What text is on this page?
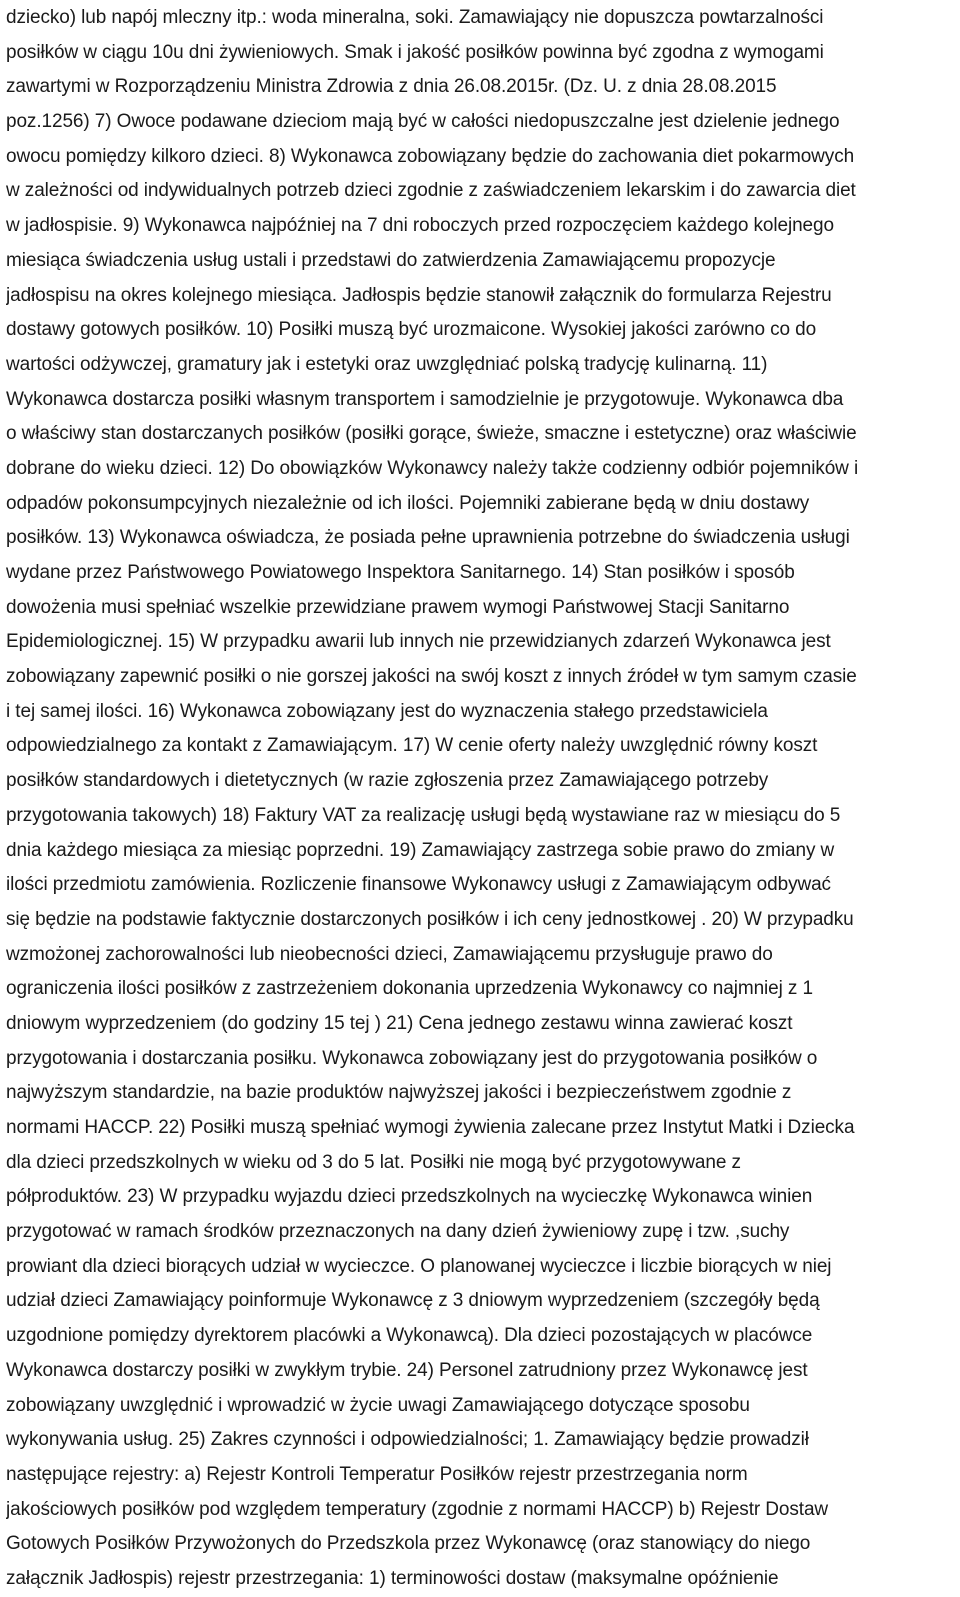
dziecko) lub napój mleczny itp.: woda mineralna, soki. Zamawiający nie dopuszcza powtarzalności
posiłków w ciągu 10u dni żywieniowych. Smak i jakość posiłków powinna być zgodna z wymogami
zawartymi w Rozporządzeniu Ministra Zdrowia z dnia 26.08.2015r. (Dz. U. z dnia 28.08.2015
poz.1256) 7) Owoce podawane dzieciom mają być w całości niedopuszczalne jest dzielenie jednego
owocu pomiędzy kilkoro dzieci. 8) Wykonawca zobowiązany będzie do zachowania diet pokarmowych
w zależności od indywidualnych potrzeb dzieci zgodnie z zaświadczeniem lekarskim i do zawarcia diet
w jadłospisie. 9) Wykonawca najpóźniej na 7 dni roboczych przed rozpoczęciem każdego kolejnego
miesiąca świadczenia usług ustali i przedstawi do zatwierdzenia Zamawiającemu propozycje
jadłospisu na okres kolejnego miesiąca. Jadłospis będzie stanowił załącznik do formularza Rejestru
dostawy gotowych posiłków. 10) Posiłki muszą być urozmaicone. Wysokiej jakości zarówno co do
wartości odżywczej, gramatury jak i estetyki oraz uwzględniać polską tradycję kulinarną. 11)
Wykonawca dostarcza posiłki własnym transportem i samodzielnie je przygotowuje. Wykonawca dba
o właściwy stan dostarczanych posiłków (posiłki gorące, świeże, smaczne i estetyczne) oraz właściwie
dobrane do wieku dzieci. 12) Do obowiązków Wykonawcy należy także codzienny odbiór pojemników i
odpadów pokonsumpcyjnych niezależnie od ich ilości. Pojemniki zabierane będą w dniu dostawy
posiłków. 13) Wykonawca oświadcza, że posiada pełne uprawnienia potrzebne do świadczenia usługi
wydane przez Państwowego Powiatowego Inspektora Sanitarnego. 14) Stan posiłków i sposób
dowożenia musi spełniać wszelkie przewidziane prawem wymogi Państwowej Stacji Sanitarno
Epidemiologicznej. 15) W przypadku awarii lub innych nie przewidzianych zdarzeń Wykonawca jest
zobowiązany zapewnić posiłki o nie gorszej jakości na swój koszt z innych źródeł w tym samym czasie
i tej samej ilości. 16) Wykonawca zobowiązany jest do wyznaczenia stałego przedstawiciela
odpowiedzialnego za kontakt z Zamawiającym. 17) W cenie oferty należy uwzględnić równy koszt
posiłków standardowych i dietetycznych (w razie zgłoszenia przez Zamawiającego potrzeby
przygotowania takowych) 18) Faktury VAT za realizację usługi będą wystawiane raz w miesiącu do 5
dnia każdego miesiąca za miesiąc poprzedni. 19) Zamawiający zastrzega sobie prawo do zmiany w
ilości przedmiotu zamówienia. Rozliczenie finansowe Wykonawcy usługi z Zamawiającym odbywać
się będzie na podstawie faktycznie dostarczonych posiłków i ich ceny jednostkowej . 20) W przypadku
wzmożonej zachorowalności lub nieobecności dzieci, Zamawiającemu przysługuje prawo do
ograniczenia ilości posiłków z zastrzeżeniem dokonania uprzedzenia Wykonawcy co najmniej z 1
dniowym wyprzedzeniem (do godziny 15 tej ) 21) Cena jednego zestawu winna zawierać koszt
przygotowania i dostarczania posiłku. Wykonawca zobowiązany jest do przygotowania posiłków o
najwyższym standardzie, na bazie produktów najwyższej jakości i bezpieczeństwem zgodnie z
normami HACCP. 22) Posiłki muszą spełniać wymogi żywienia zalecane przez Instytut Matki i Dziecka
dla dzieci przedszkolnych w wieku od 3 do 5 lat. Posiłki nie mogą być przygotowywane z
półproduktów. 23) W przypadku wyjazdu dzieci przedszkolnych na wycieczkę Wykonawca winien
przygotować w ramach środków przeznaczonych na dany dzień żywieniowy zupę i tzw. ,suchy
prowiant dla dzieci biorących udział w wycieczce. O planowanej wycieczce i liczbie biorących w niej
udział dzieci Zamawiający poinformuje Wykonawcę z 3 dniowym wyprzedzeniem (szczegóły będą
uzgodnione pomiędzy dyrektorem placówki a Wykonawcą). Dla dzieci pozostających w placówce
Wykonawca dostarczy posiłki w zwykłym trybie. 24) Personel zatrudniony przez Wykonawcę jest
zobowiązany uwzględnić i wprowadzić w życie uwagi Zamawiającego dotyczące sposobu
wykonywania usług. 25) Zakres czynności i odpowiedzialności; 1. Zamawiający będzie prowadził
następujące rejestry: a) Rejestr Kontroli Temperatur Posiłków rejestr przestrzegania norm
jakościowych posiłków pod względem temperatury (zgodnie z normami HACCP) b) Rejestr Dostaw
Gotowych Posiłków Przywożonych do Przedszkola przez Wykonawcę (oraz stanowiący do niego
załącznik Jadłospis) rejestr przestrzegania: 1) terminowości dostaw (maksymalne opóźnienie
